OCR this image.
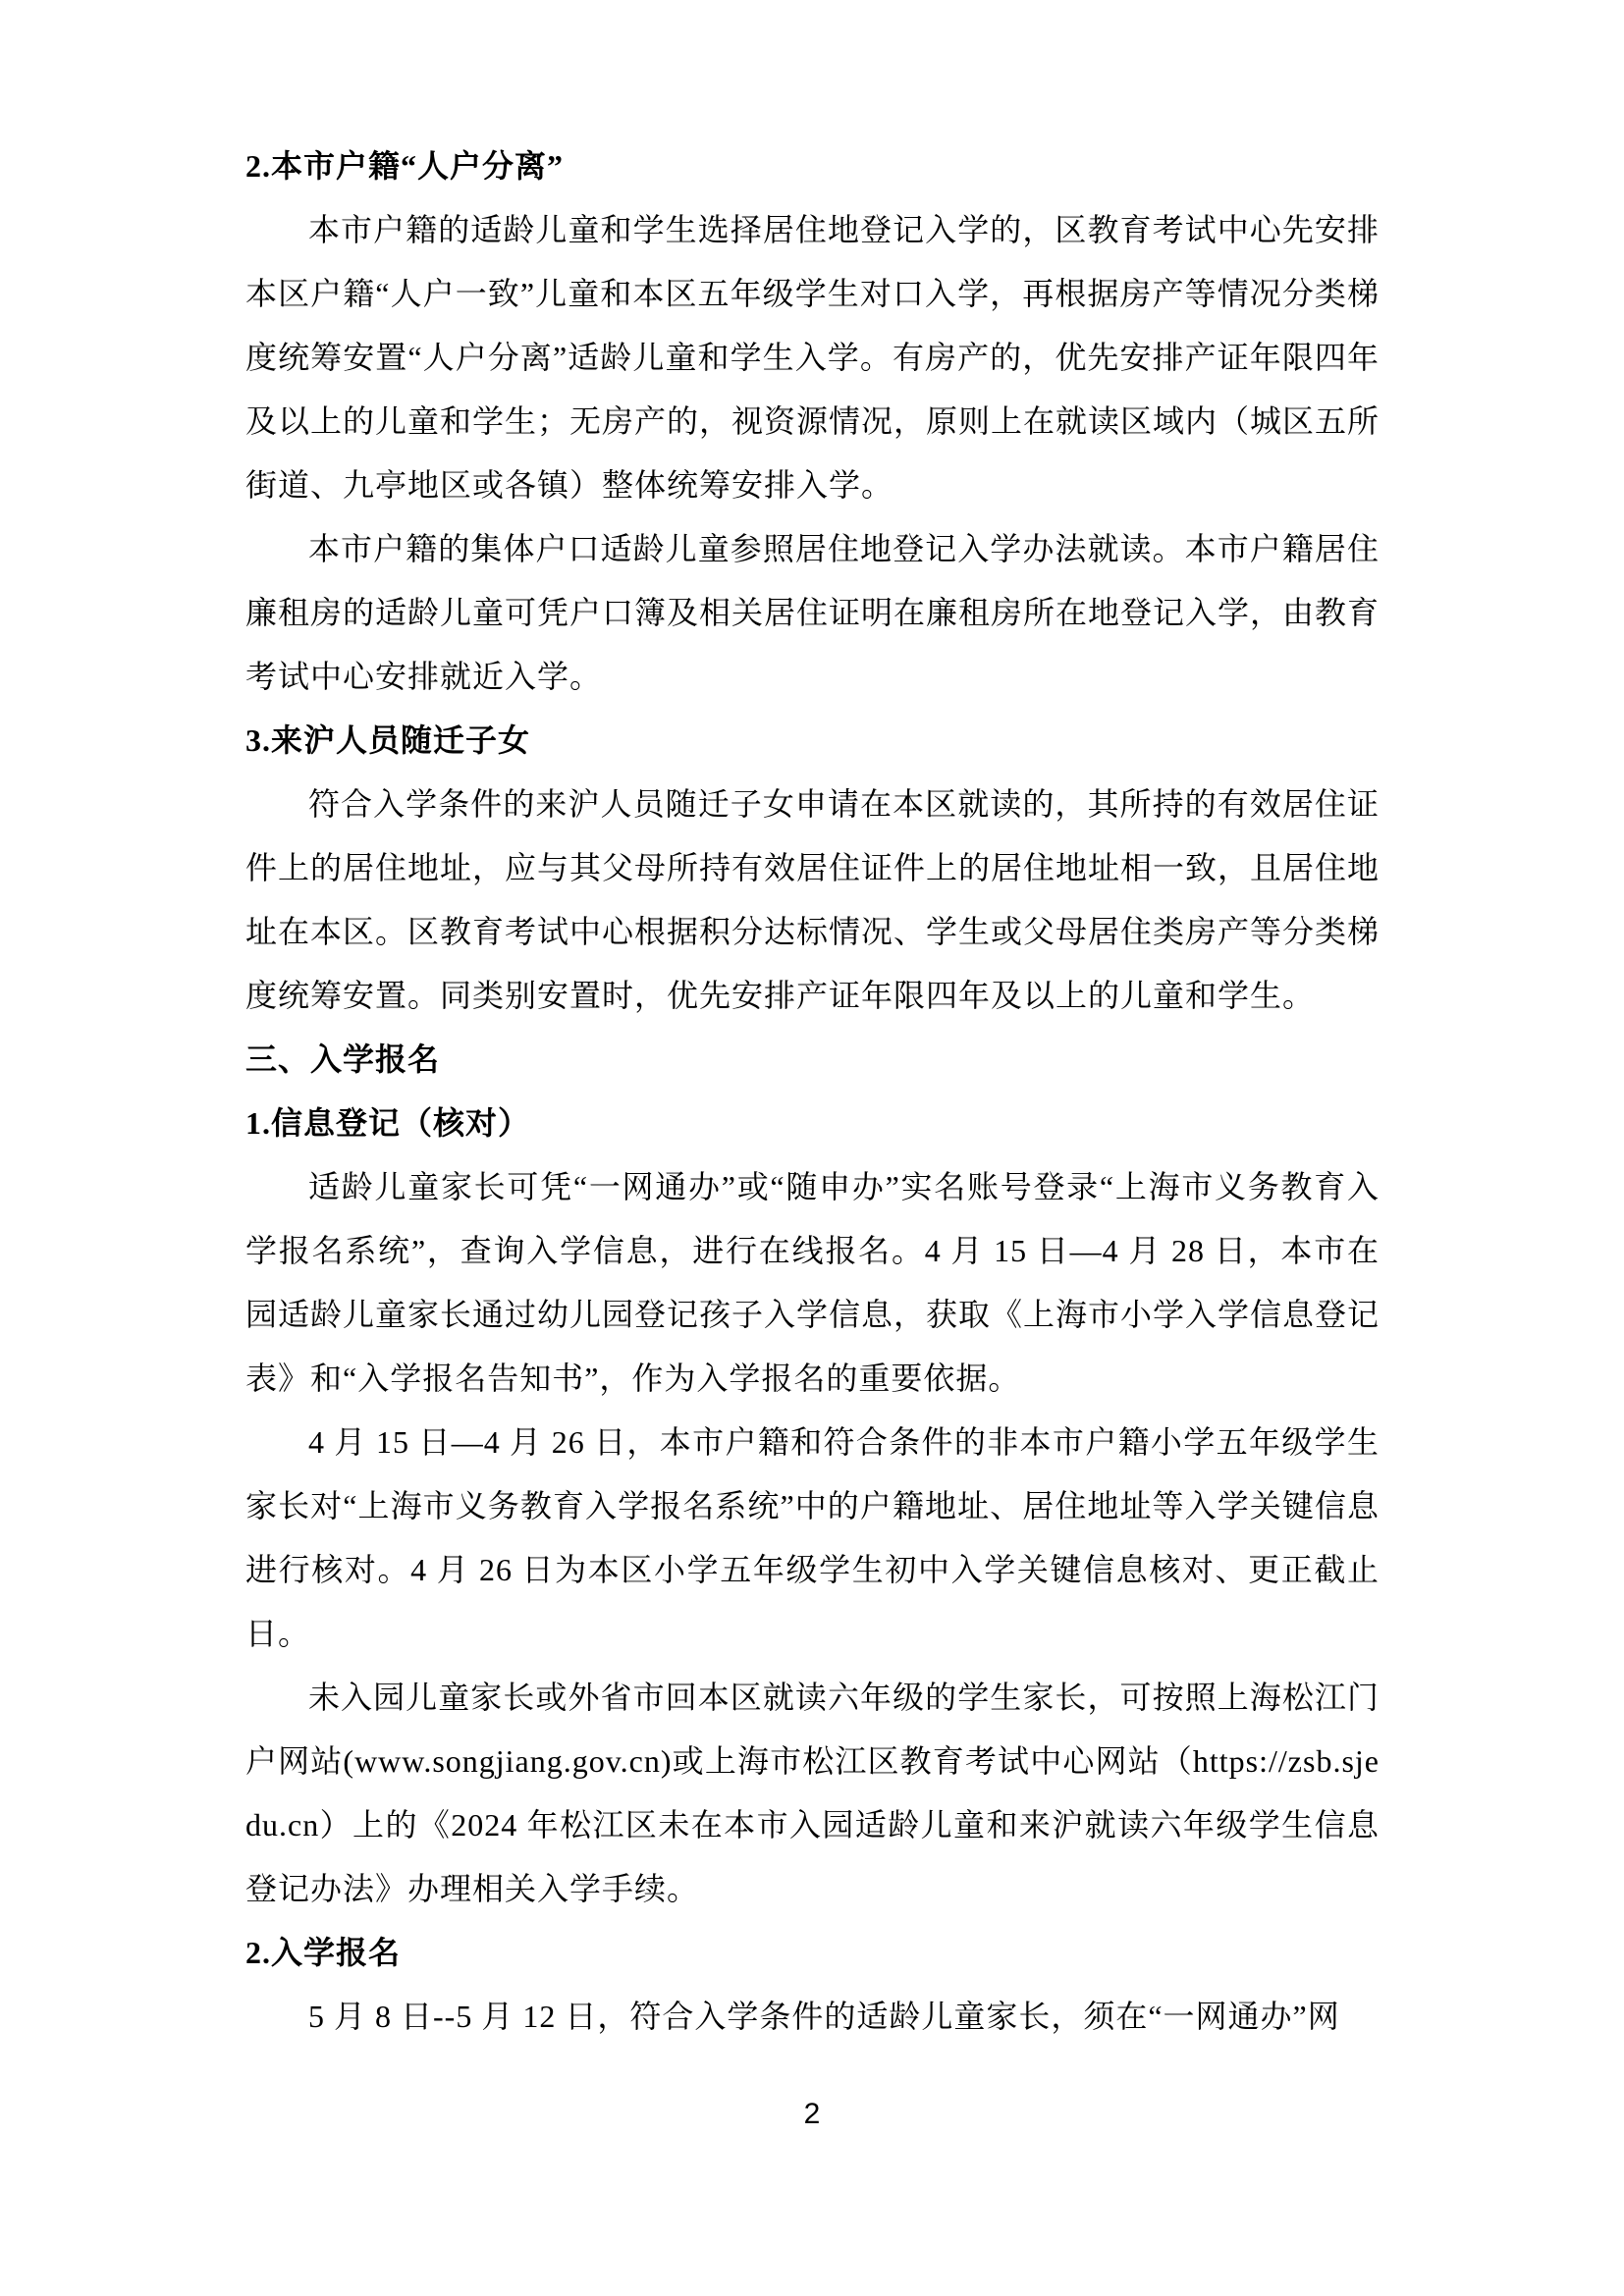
2.本市户籍“人户分离”

本市户籍的适龄儿童和学生选择居住地登记入学的，区教育考试中心先安排本区户籍“人户一致”儿童和本区五年级学生对口入学，再根据房产等情况分类梯度统筹安置“人户分离”适龄儿童和学生入学。有房产的，优先安排产证年限四年及以上的儿童和学生；无房产的，视资源情况，原则上在就读区域内（城区五所街道、九亭地区或各镇）整体统筹安排入学。

本市户籍的集体户口适龄儿童参照居住地登记入学办法就读。本市户籍居住廉租房的适龄儿童可凭户口簿及相关居住证明在廉租房所在地登记入学，由教育考试中心安排就近入学。

3.来沪人员随迁子女

符合入学条件的来沪人员随迁子女申请在本区就读的，其所持的有效居住证件上的居住地址，应与其父母所持有效居住证件上的居住地址相一致，且居住地址在本区。区教育考试中心根据积分达标情况、学生或父母居住类房产等分类梯度统筹安置。同类别安置时，优先安排产证年限四年及以上的儿童和学生。

三、入学报名
1.信息登记（核对）

适龄儿童家长可凭“一网通办”或“随申办”实名账号登录“上海市义务教育入学报名系统”，查询入学信息，进行在线报名。4 月 15 日—4 月 28 日，本市在园适龄儿童家长通过幼儿园登记孩子入学信息，获取《上海市小学入学信息登记表》和“入学报名告知书”，作为入学报名的重要依据。

4 月 15 日—4 月 26 日，本市户籍和符合条件的非本市户籍小学五年级学生家长对“上海市义务教育入学报名系统”中的户籍地址、居住地址等入学关键信息进行核对。4 月 26 日为本区小学五年级学生初中入学关键信息核对、更正截止日。

未入园儿童家长或外省市回本区就读六年级的学生家长，可按照上海松江门户网站(www.songjiang.gov.cn)或上海市松江区教育考试中心网站（https://zsb.sjedu.cn）上的《2024 年松江区未在本市入园适龄儿童和来沪就读六年级学生信息登记办法》办理相关入学手续。

2.入学报名

5 月 8 日--5 月 12 日，符合入学条件的适龄儿童家长，须在“一网通办”网

2
